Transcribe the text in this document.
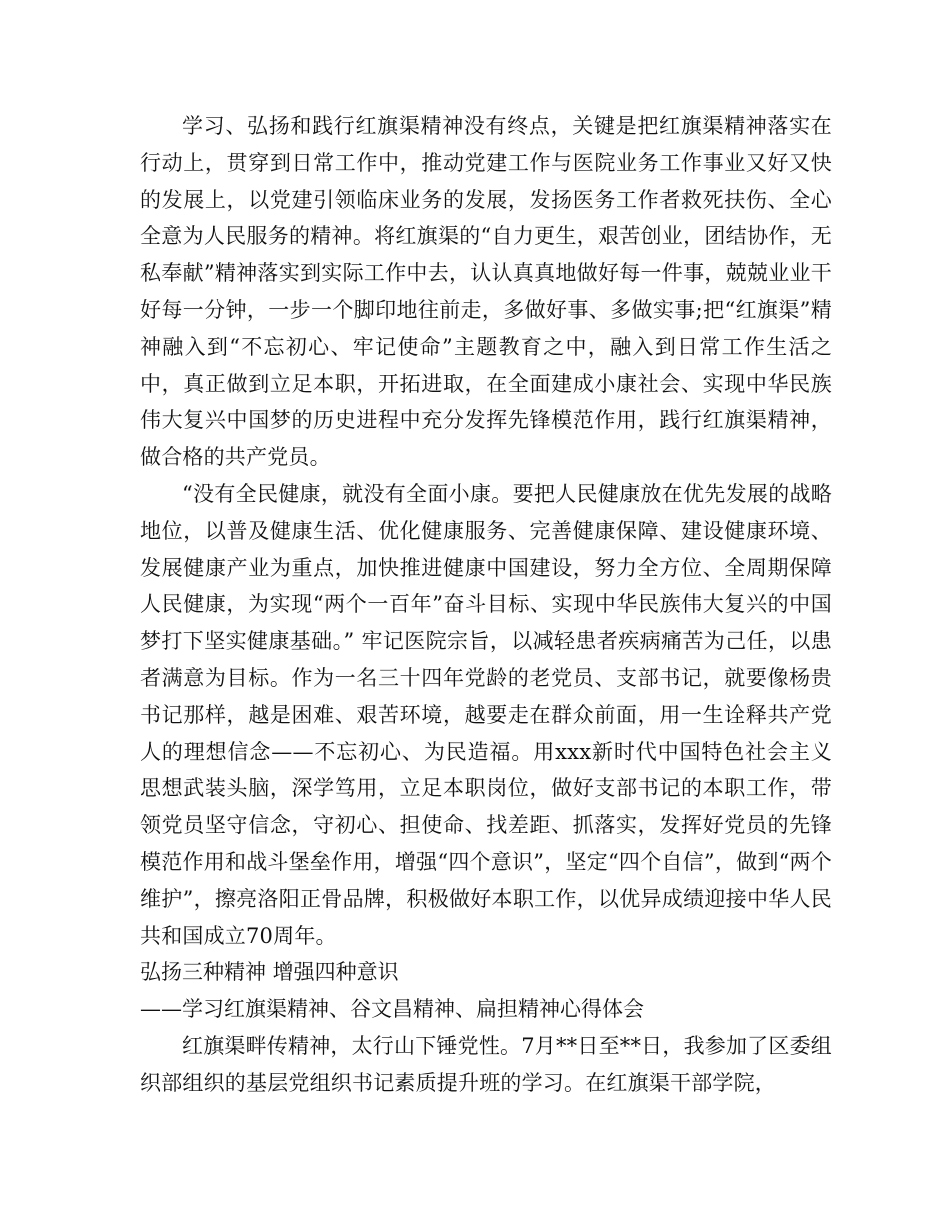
学习、弘扬和践行红旗渠精神没有终点，关键是把红旗渠精神落实在行动上，贯穿到日常工作中，推动党建工作与医院业务工作事业又好又快的发展上，以党建引领临床业务的发展，发扬医务工作者救死扶伤、全心全意为人民服务的精神。将红旗渠的“自力更生，艰苦创业，团结协作，无私奉献”精神落实到实际工作中去，认认真真地做好每一件事，兢兢业业干好每一分钟，一步一个脚印地往前走，多做好事、多做实事;把“红旗渠”精神融入到“不忘初心、牢记使命”主题教育之中，融入到日常工作生活之中，真正做到立足本职，开拓进取，在全面建成小康社会、实现中华民族伟大复兴中国梦的历史进程中充分发挥先锋模范作用，践行红旗渠精神，做合格的共产党员。

“没有全民健康，就没有全面小康。要把人民健康放在优先发展的战略地位，以普及健康生活、优化健康服务、完善健康保障、建设健康环境、发展健康产业为重点，加快推进健康中国建设，努力全方位、全周期保障人民健康，为实现“两个一百年”奋斗目标、实现中华民族伟大复兴的中国梦打下坚实健康基础。” 牢记医院宗旨，以减轻患者疾病痛苦为己任，以患者满意为目标。作为一名三十四年党龄的老党员、支部书记，就要像杨贵书记那样，越是困难、艰苦环境，越要走在群众前面，用一生诠释共产党人的理想信念——不忘初心、为民造福。用xxx新时代中国特色社会主义思想武装头脑，深学笃用，立足本职岗位，做好支部书记的本职工作，带领党员坚守信念，守初心、担使命、找差距、抓落实，发挥好党员的先锋模范作用和战斗堡垒作用，增强“四个意识”，坚定“四个自信”，做到“两个维护”，擦亮洛阳正骨品牌，积极做好本职工作，以优异成绩迎接中华人民共和国成立70周年。

弘扬三种精神 增强四种意识

——学习红旗渠精神、谷文昌精神、扁担精神心得体会

红旗渠畔传精神，太行山下锤党性。7月**日至**日，我参加了区委组织部组织的基层党组织书记素质提升班的学习。在红旗渠干部学院，
